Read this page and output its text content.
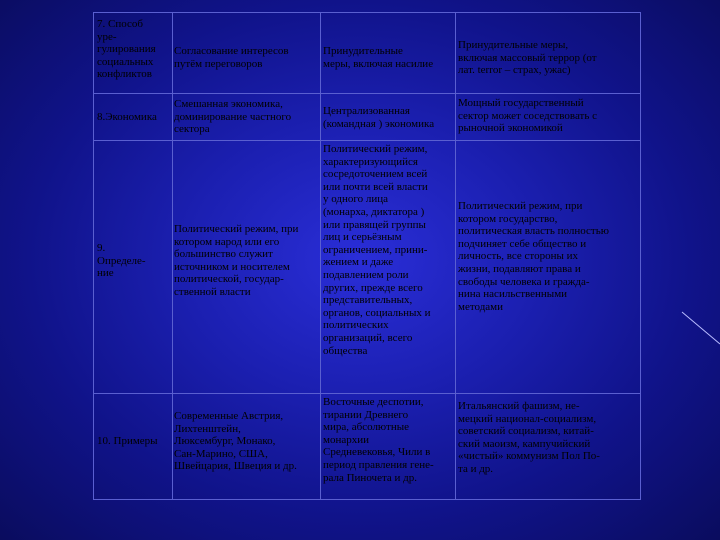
7. Способ
уре-
гулирования
социальных
конфликтов
Согласование интересов
путём переговоров
Принудительные
меры, включая насилие
Принудительные меры,
включая массовый террор (от
лат. terror – страх, ужас)
8.Экономика
Смешанная экономика,
доминирование частного
сектора
Централизованная
(командная ) экономика
Мощный государственный
сектор может соседствовать с
рыночной экономикой
9.
Определе-
ние
Политический режим, при
котором народ или его
большинство служит
источником и носителем
политической, государ-
ственной власти
Политический режим,
характеризующийся
сосредоточением всей
или почти всей власти
у одного лица
(монарха, диктатора )
или правящей группы
лиц и серьёзным
ограничением, прини-
жением и даже
подавлением роли
других, прежде всего
представительных,
органов, социальных и
политических
организаций, всего
общества
Политический режим, при
котором государство,
политическая власть полностью
подчиняет себе общество и
личность, все стороны их
жизни, подавляют права и
свободы человека и гражда-
нина насильственными
методами
10. Примеры
Современные Австрия,
Лихтенштейн,
Люксембург, Монако,
Сан-Марино, США,
Швейцария, Швеция и др.
Восточные деспотии,
тирании Древнего
мира, абсолютные
монархии
Средневековья, Чили в
период правления гене-
рала Пиночета и др.
Итальянский фашизм, не-
мецкий национал-социализм,
советский социализм, китай-
ский маоизм, кампучийский
«чистый» коммунизм Пол По-
та и др.
